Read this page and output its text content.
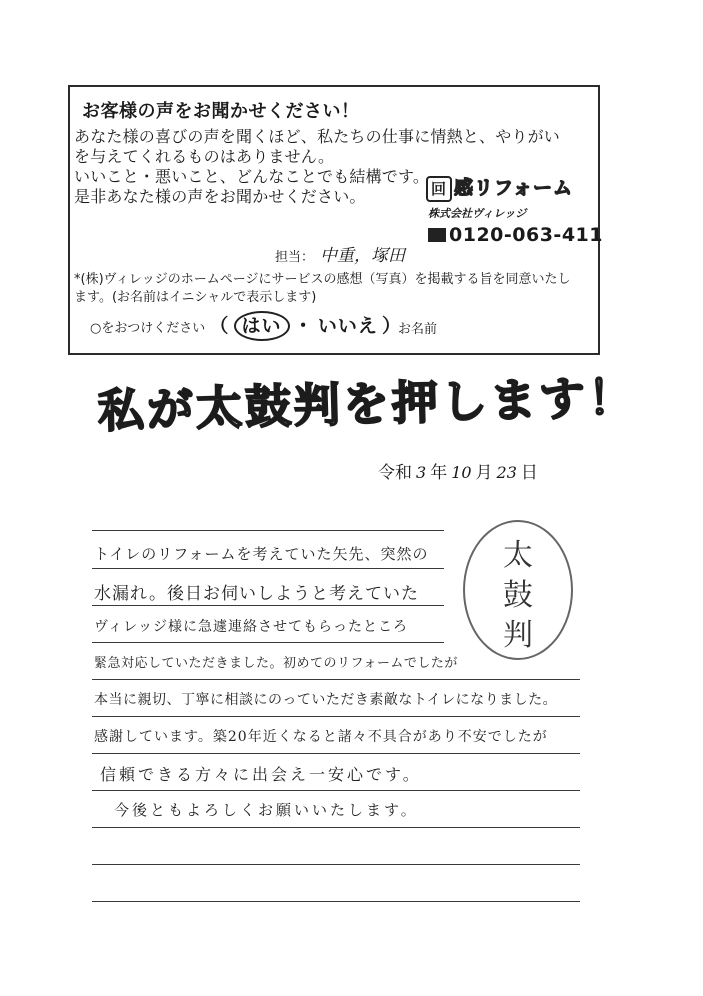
お客様の声をお聞かせください！
あなた様の喜びの声を聞くほど、私たちの仕事に情熱と、やりがい
を与えてくれるものはありません。
いいこと・悪いこと、どんなことでも結構です。
是非あなた様の声をお聞かせください。	回 感リフォーム
株式会社ヴィレッジ
0120-063-411
担当： 中重，塚田
*(株)ヴィレッジのホームページにサービスの感想（写真）を掲載する旨を同意いたし
ます。(お名前はイニシャルで表示します)
○をおつけください （ はい ・ いいえ ）
お名前
私が太鼓判を押します！
令和 3 年 10 月 23 日
太
鼓
判
トイレのリフォームを考えていた矢先、突然の
水漏れ。後日お伺いしようと考えていた
ヴィレッジ様に急遽連絡させてもらったところ
緊急対応していただきました。初めてのリフォームでしたが
本当に親切、丁寧に相談にのっていただき素敵なトイレになりました。
感謝しています。築20年近くなると諸々不具合があり不安でしたが
信頼できる方々に出会え一安心です。
今後ともよろしくお願いいたします。
